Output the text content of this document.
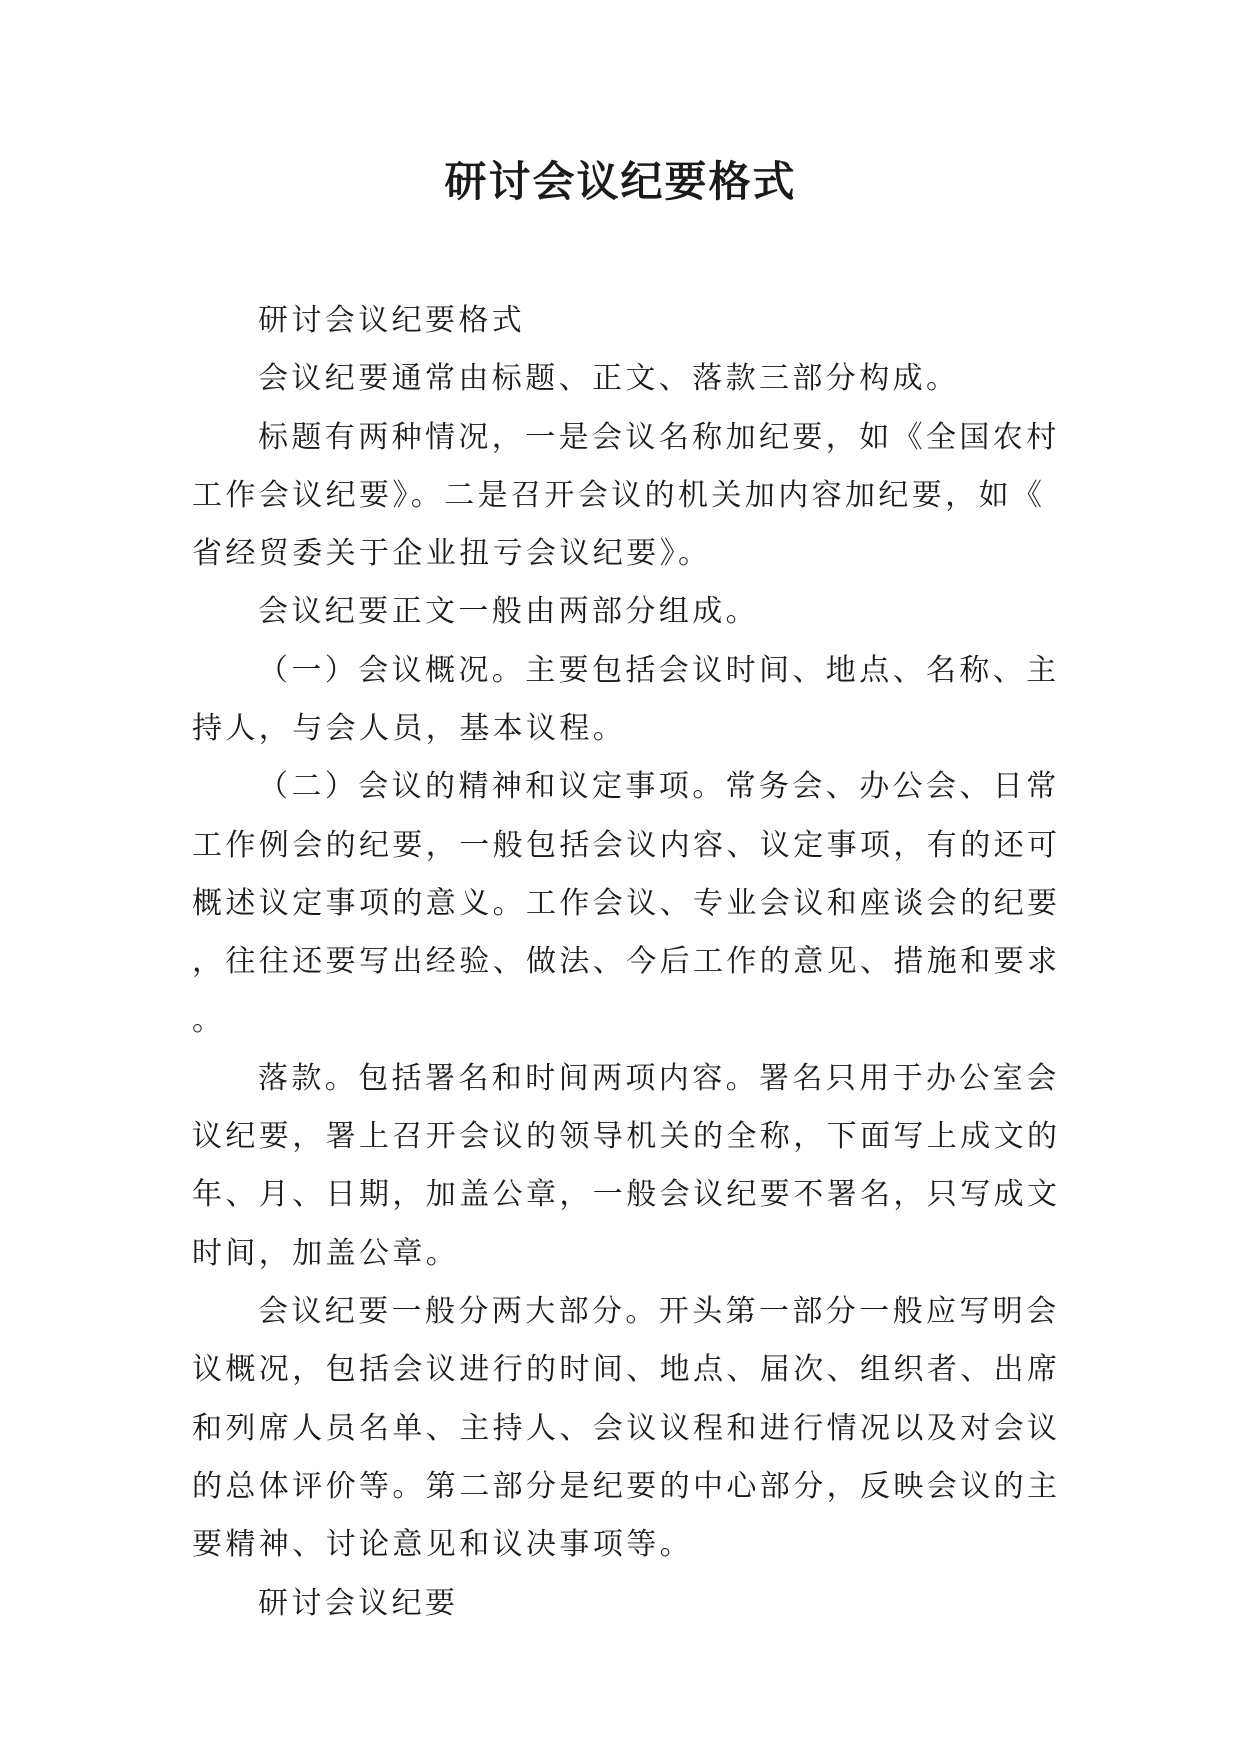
研讨会议纪要格式

研讨会议纪要格式

会议纪要通常由标题、正文、落款三部分构成。

标题有两种情况，一是会议名称加纪要，如《全国农村工作会议纪要》。二是召开会议的机关加内容加纪要，如《省经贸委关于企业扭亏会议纪要》。

会议纪要正文一般由两部分组成。

（一）会议概况。主要包括会议时间、地点、名称、主持人，与会人员，基本议程。

（二）会议的精神和议定事项。常务会、办公会、日常工作例会的纪要，一般包括会议内容、议定事项，有的还可概述议定事项的意义。工作会议、专业会议和座谈会的纪要，往往还要写出经验、做法、今后工作的意见、措施和要求。

落款。包括署名和时间两项内容。署名只用于办公室会议纪要，署上召开会议的领导机关的全称，下面写上成文的年、月、日期，加盖公章，一般会议纪要不署名，只写成文时间，加盖公章。

会议纪要一般分两大部分。开头第一部分一般应写明会议概况，包括会议进行的时间、地点、届次、组织者、出席和列席人员名单、主持人、会议议程和进行情况以及对会议的总体评价等。第二部分是纪要的中心部分，反映会议的主要精神、讨论意见和议决事项等。

研讨会议纪要
